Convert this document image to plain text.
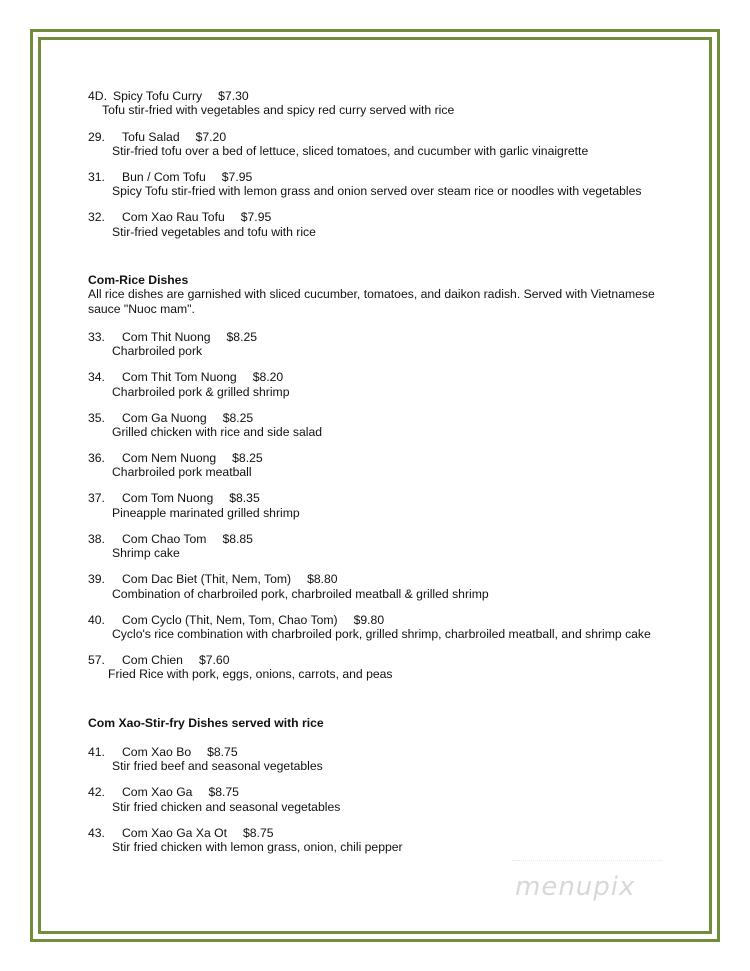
4D. Spicy Tofu Curry $7.30
Tofu stir-fried with vegetables and spicy red curry served with rice
29. Tofu Salad $7.20
Stir-fried tofu over a bed of lettuce, sliced tomatoes, and cucumber with garlic vinaigrette
31. Bun / Com Tofu $7.95
Spicy Tofu stir-fried with lemon grass and onion served over steam rice or noodles with vegetables
32. Com Xao Rau Tofu $7.95
Stir-fried vegetables and tofu with rice
Com-Rice Dishes
All rice dishes are garnished with sliced cucumber, tomatoes, and daikon radish. Served with Vietnamese
sauce "Nuoc mam".
33. Com Thit Nuong $8.25
Charbroiled pork
34. Com Thit Tom Nuong $8.20
Charbroiled pork & grilled shrimp
35. Com Ga Nuong $8.25
Grilled chicken with rice and side salad
36. Com Nem Nuong $8.25
Charbroiled pork meatball
37. Com Tom Nuong $8.35
Pineapple marinated grilled shrimp
38. Com Chao Tom $8.85
Shrimp cake
39. Com Dac Biet (Thit, Nem, Tom) $8.80
Combination of charbroiled pork, charbroiled meatball & grilled shrimp
40. Com Cyclo (Thit, Nem, Tom, Chao Tom) $9.80
Cyclo's rice combination with charbroiled pork, grilled shrimp, charbroiled meatball, and shrimp cake
57. Com Chien $7.60
Fried Rice with pork, eggs, onions, carrots, and peas
Com Xao-Stir-fry Dishes served with rice
41. Com Xao Bo $8.75
Stir fried beef and seasonal vegetables
42. Com Xao Ga $8.75
Stir fried chicken and seasonal vegetables
43. Com Xao Ga Xa Ot $8.75
Stir fried chicken with lemon grass, onion, chili pepper
menupix
